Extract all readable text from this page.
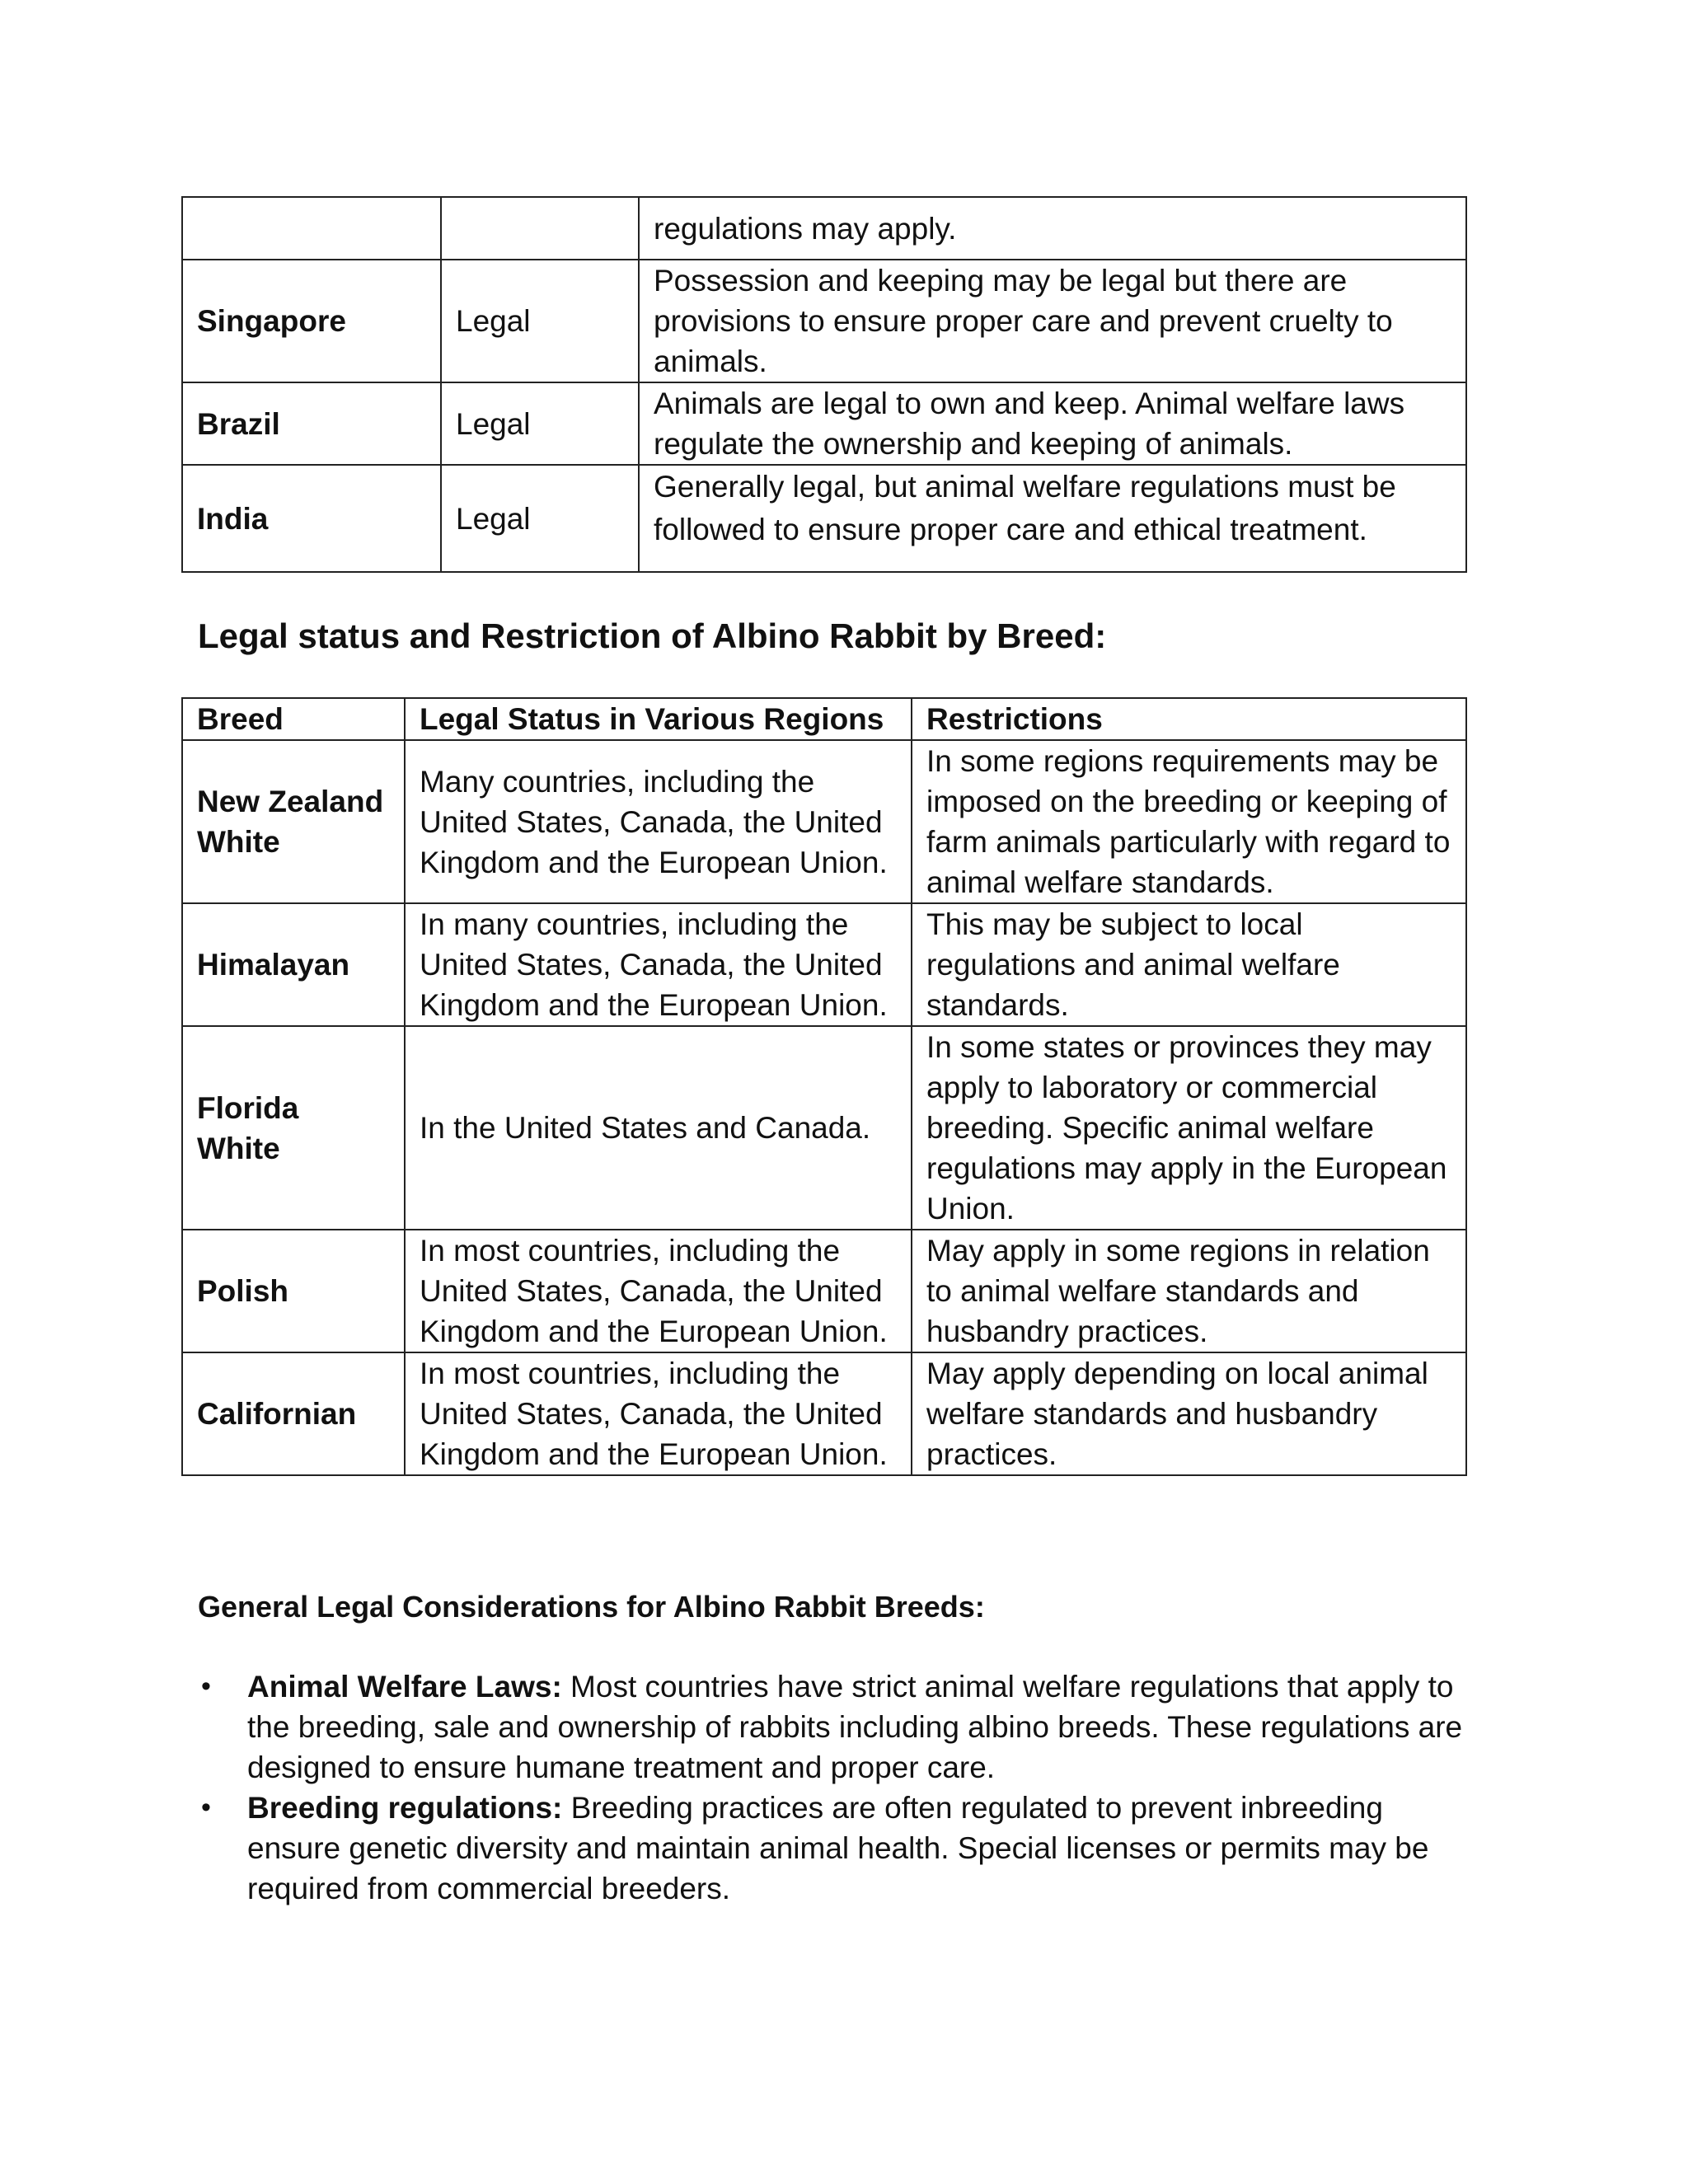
		regulations may apply.
Singapore	Legal	Possession and keeping may be legal but there are provisions to ensure proper care and prevent cruelty to animals.
Brazil	Legal	Animals are legal to own and keep. Animal welfare laws regulate the ownership and keeping of animals.
India	Legal	Generally legal, but animal welfare regulations must be followed to ensure proper care and ethical treatment.
Legal status and Restriction of Albino Rabbit by Breed:
Breed	Legal Status in Various Regions	Restrictions
New Zealand White	Many countries, including the United States, Canada, the United Kingdom and the European Union.	In some regions requirements may be imposed on the breeding or keeping of farm animals particularly with regard to animal welfare standards.
Himalayan	In many countries, including the United States, Canada, the United Kingdom and the European Union.	This may be subject to local regulations and animal welfare standards.
Florida White	In the United States and Canada.	In some states or provinces they may apply to laboratory or commercial breeding. Specific animal welfare regulations may apply in the European Union.
Polish	In most countries, including the United States, Canada, the United Kingdom and the European Union.	May apply in some regions in relation to animal welfare standards and husbandry practices.
Californian	In most countries, including the United States, Canada, the United Kingdom and the European Union.	May apply depending on local animal welfare standards and husbandry practices.
General Legal Considerations for Albino Rabbit Breeds:
• Animal Welfare Laws: Most countries have strict animal welfare regulations that apply to the breeding, sale and ownership of rabbits including albino breeds. These regulations are designed to ensure humane treatment and proper care.
• Breeding regulations: Breeding practices are often regulated to prevent inbreeding ensure genetic diversity and maintain animal health. Special licenses or permits may be required from commercial breeders.
